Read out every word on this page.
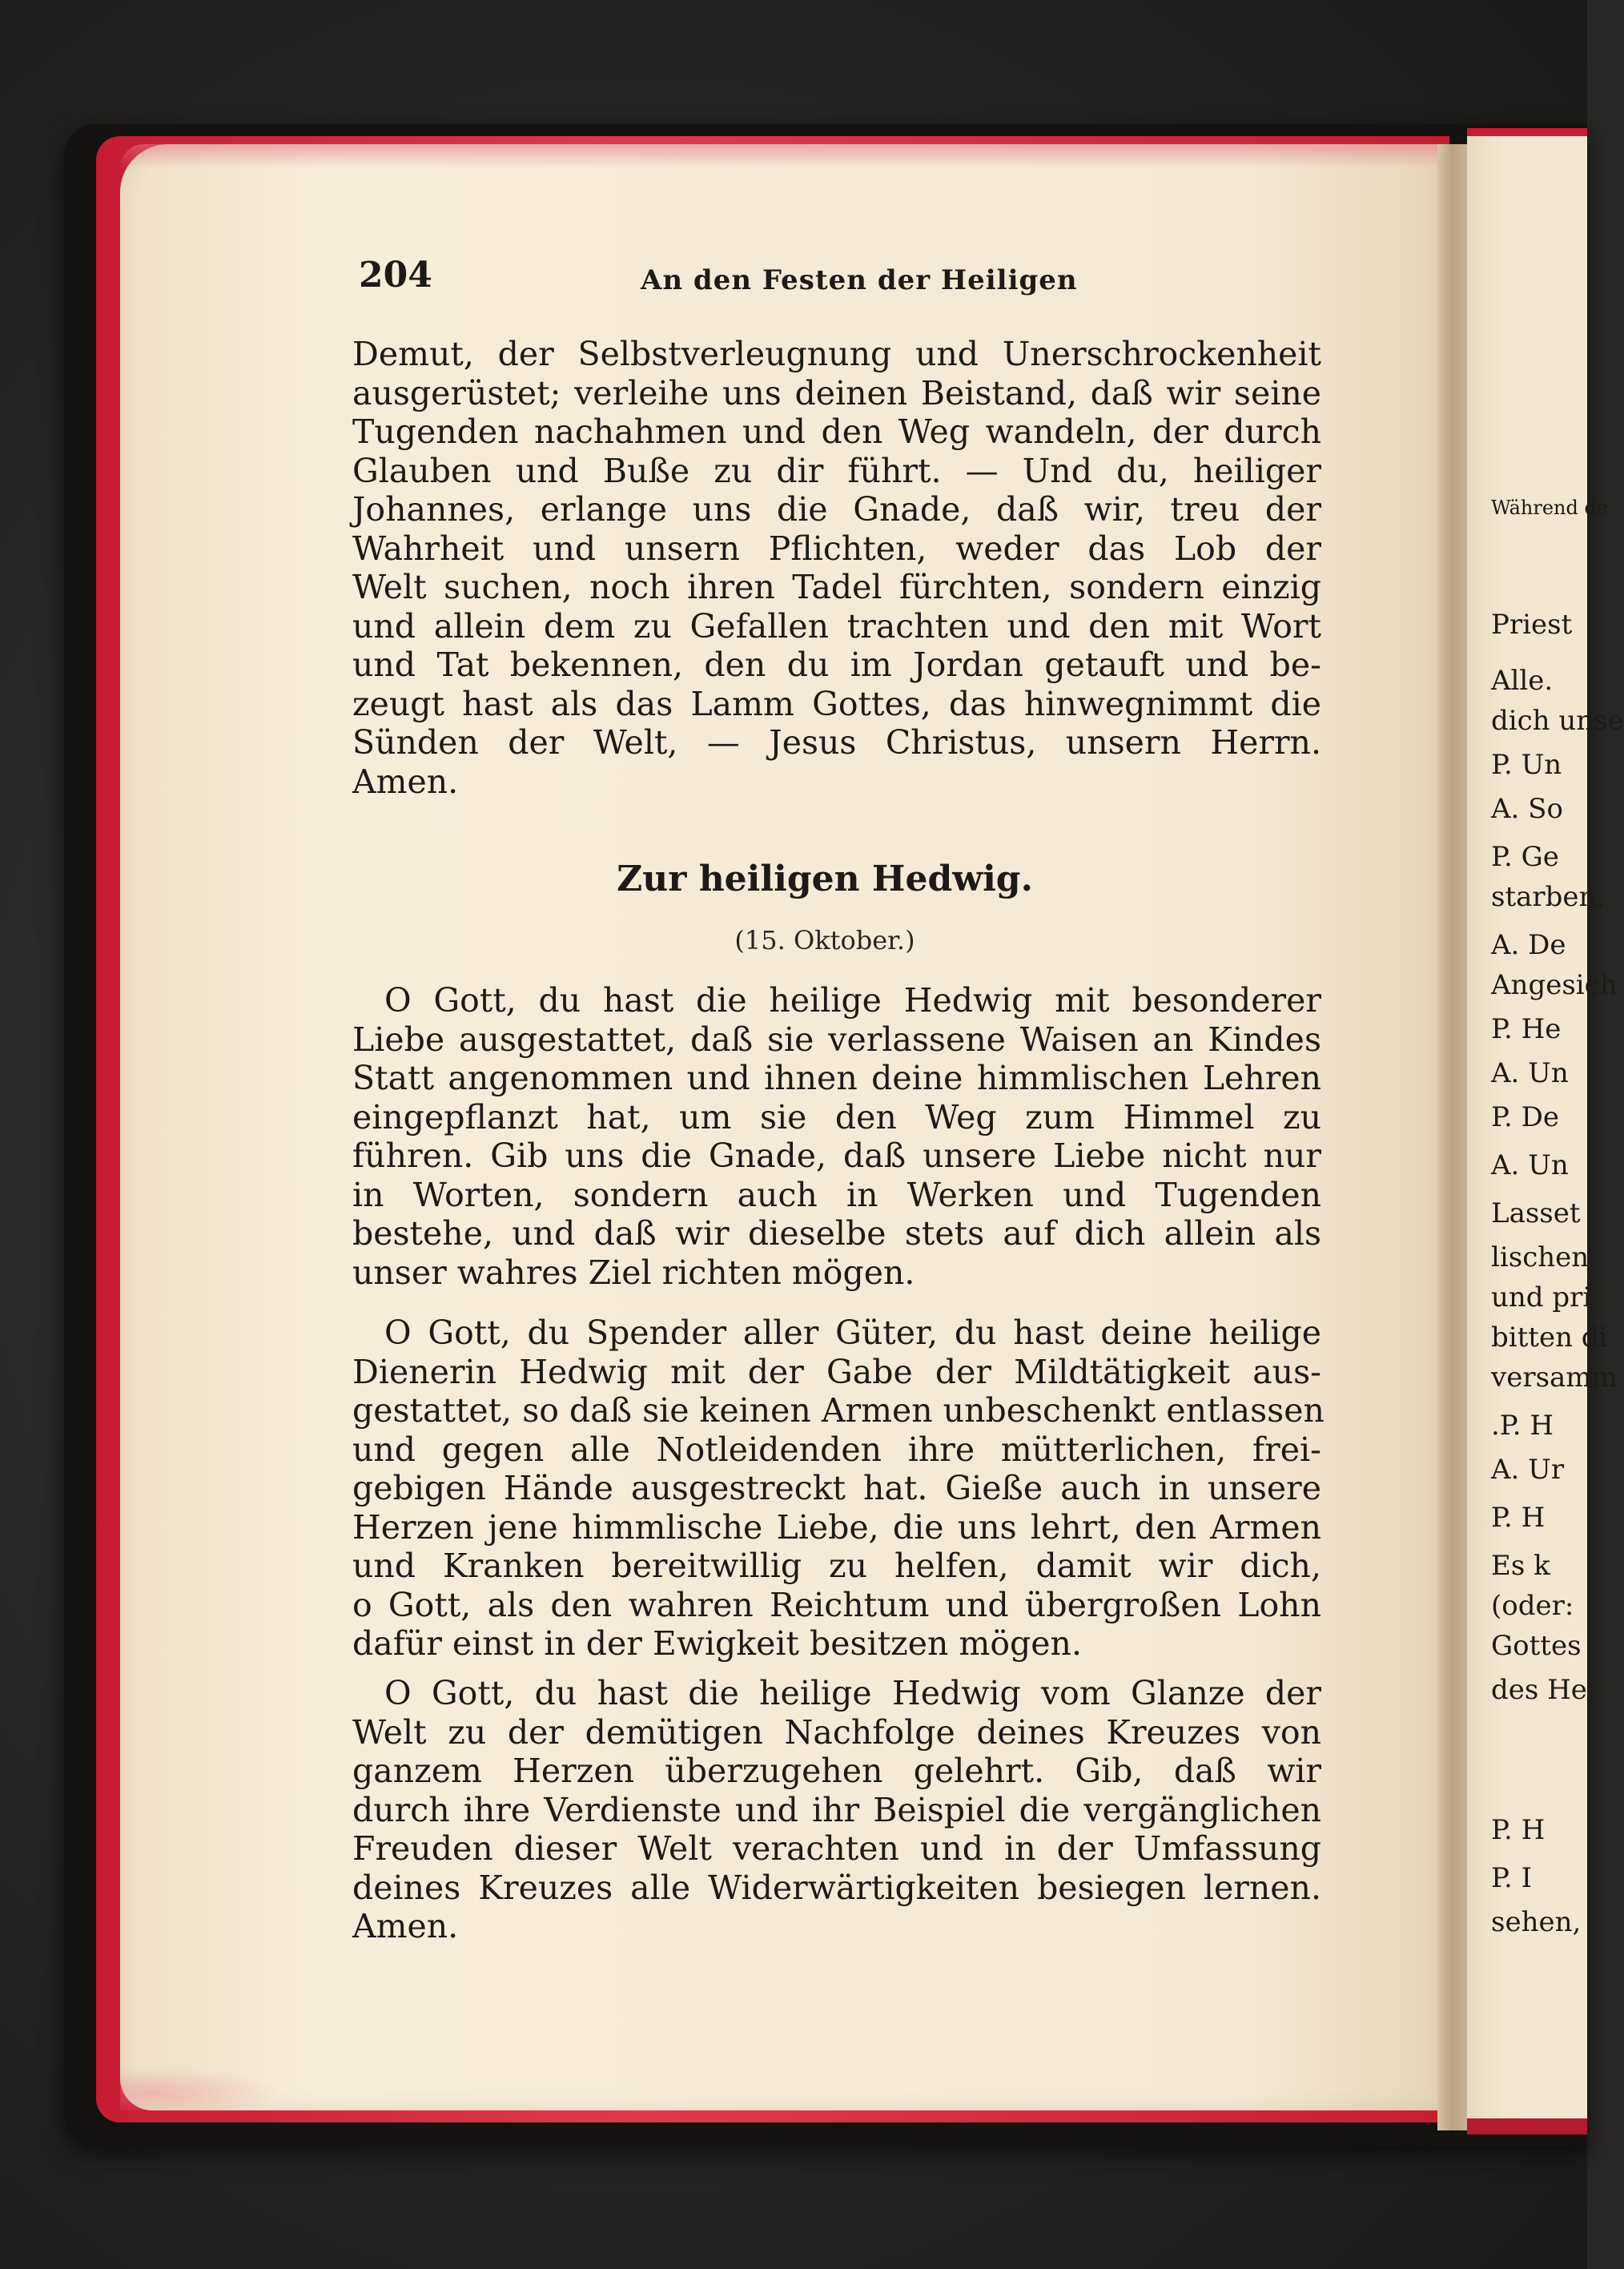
204	An den Festen der Heiligen
Demut, der Selbstverleugnung und Unerschrockenheit
ausgerüstet; verleihe uns deinen Beistand, daß wir seine
Tugenden nachahmen und den Weg wandeln, der durch
Glauben und Buße zu dir führt. — Und du, heiliger
Johannes, erlange uns die Gnade, daß wir, treu der
Wahrheit und unsern Pflichten, weder das Lob der
Welt suchen, noch ihren Tadel fürchten, sondern einzig
und allein dem zu Gefallen trachten und den mit Wort
und Tat bekennen, den du im Jordan getauft und be-
zeugt hast als das Lamm Gottes, das hinwegnimmt die
Sünden der Welt, — Jesus Christus, unsern Herrn.
Amen.
Zur heiligen Hedwig.
(15. Oktober.)
O Gott, du hast die heilige Hedwig mit besonderer
Liebe ausgestattet, daß sie verlassene Waisen an Kindes
Statt angenommen und ihnen deine himmlischen Lehren
eingepflanzt hat, um sie den Weg zum Himmel zu
führen. Gib uns die Gnade, daß unsere Liebe nicht nur
in Worten, sondern auch in Werken und Tugenden
bestehe, und daß wir dieselbe stets auf dich allein als
unser wahres Ziel richten mögen.
O Gott, du Spender aller Güter, du hast deine heilige
Dienerin Hedwig mit der Gabe der Mildtätigkeit aus-
gestattet, so daß sie keinen Armen unbeschenkt entlassen
und gegen alle Notleidenden ihre mütterlichen, frei-
gebigen Hände ausgestreckt hat. Gieße auch in unsere
Herzen jene himmlische Liebe, die uns lehrt, den Armen
und Kranken bereitwillig zu helfen, damit wir dich,
o Gott, als den wahren Reichtum und übergroßen Lohn
dafür einst in der Ewigkeit besitzen mögen.
O Gott, du hast die heilige Hedwig vom Glanze der
Welt zu der demütigen Nachfolge deines Kreuzes von
ganzem Herzen überzugehen gelehrt. Gib, daß wir
durch ihre Verdienste und ihr Beispiel die vergänglichen
Freuden dieser Welt verachten und in der Umfassung
deines Kreuzes alle Widerwärtigkeiten besiegen lernen.
Amen.
Während de
Priest
Alle.
dich unse
P. Un
A. So
P. Ge
starben.
A. De
Angesich
P. He
A. Un
P. De
A. Un
Lasset
lischen
und pri
bitten di
versamm
.P. H
A. Ur
P. H
Es k
(oder:
Gottes
des He
P. H
P. I
sehen,
